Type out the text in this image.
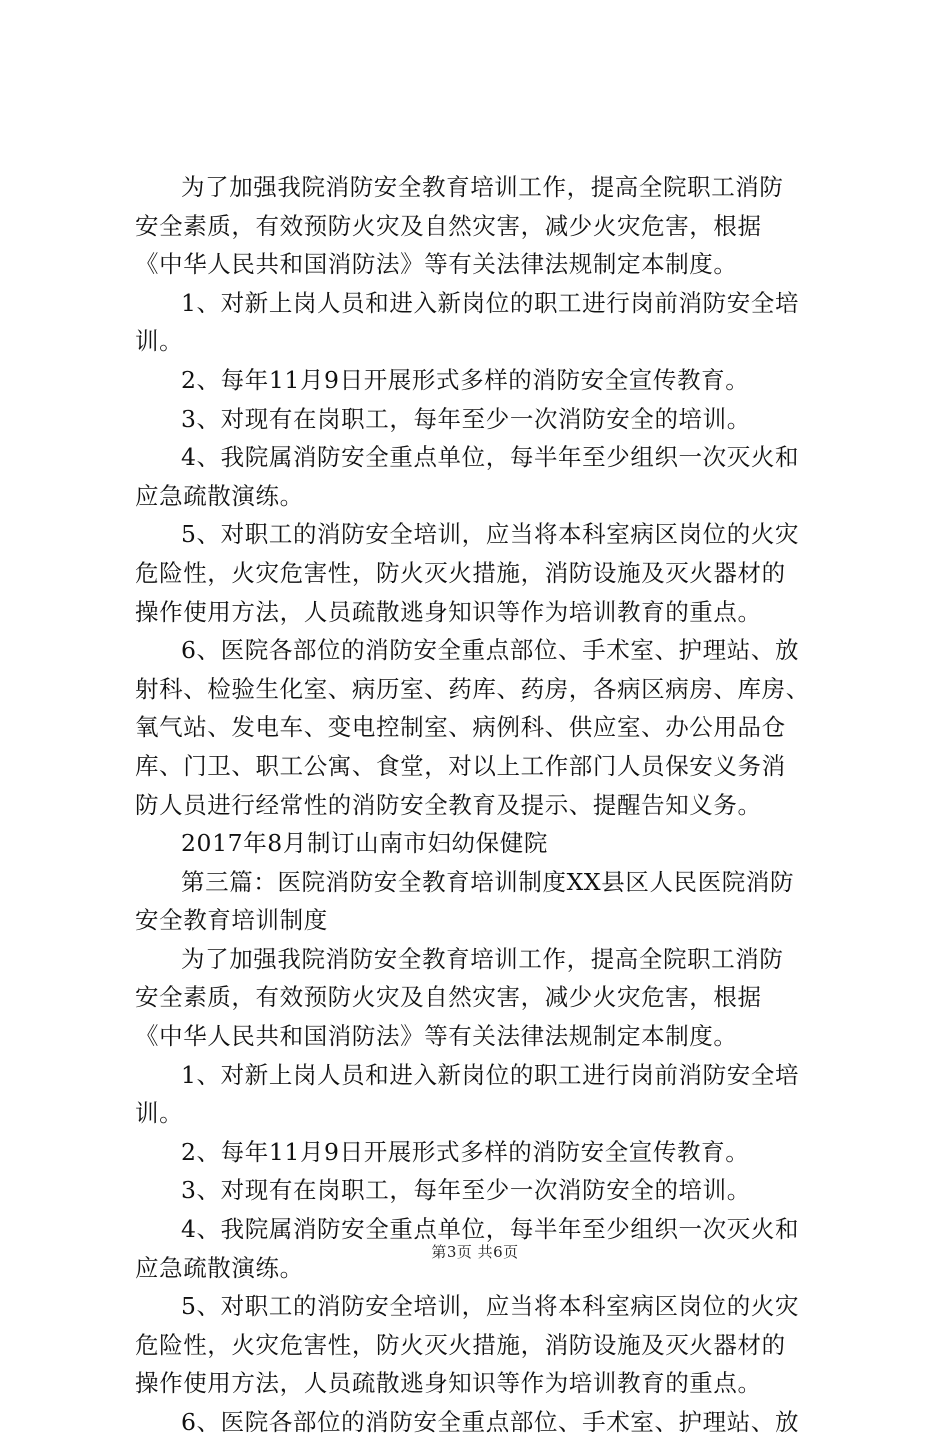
为了加强我院消防安全教育培训工作，提高全院职工消防
安全素质，有效预防火灾及自然灾害，减少火灾危害，根据
《中华人民共和国消防法》等有关法律法规制定本制度。
1、对新上岗人员和进入新岗位的职工进行岗前消防安全培
训。
2、每年11月9日开展形式多样的消防安全宣传教育。
3、对现有在岗职工，每年至少一次消防安全的培训。
4、我院属消防安全重点单位，每半年至少组织一次灭火和
应急疏散演练。
5、对职工的消防安全培训，应当将本科室病区岗位的火灾
危险性，火灾危害性，防火灭火措施，消防设施及灭火器材的
操作使用方法，人员疏散逃身知识等作为培训教育的重点。
6、医院各部位的消防安全重点部位、手术室、护理站、放
射科、检验生化室、病历室、药库、药房，各病区病房、库房、
氧气站、发电车、变电控制室、病例科、供应室、办公用品仓
库、门卫、职工公寓、食堂，对以上工作部门人员保安义务消
防人员进行经常性的消防安全教育及提示、提醒告知义务。
2017年8月制订山南市妇幼保健院
第三篇：医院消防安全教育培训制度XX县区人民医院消防
安全教育培训制度
为了加强我院消防安全教育培训工作，提高全院职工消防
安全素质，有效预防火灾及自然灾害，减少火灾危害，根据
《中华人民共和国消防法》等有关法律法规制定本制度。
1、对新上岗人员和进入新岗位的职工进行岗前消防安全培
训。
2、每年11月9日开展形式多样的消防安全宣传教育。
3、对现有在岗职工，每年至少一次消防安全的培训。
4、我院属消防安全重点单位，每半年至少组织一次灭火和
应急疏散演练。
5、对职工的消防安全培训，应当将本科室病区岗位的火灾
危险性，火灾危害性，防火灭火措施，消防设施及灭火器材的
操作使用方法，人员疏散逃身知识等作为培训教育的重点。
6、医院各部位的消防安全重点部位、手术室、护理站、放
第3页 共6页
